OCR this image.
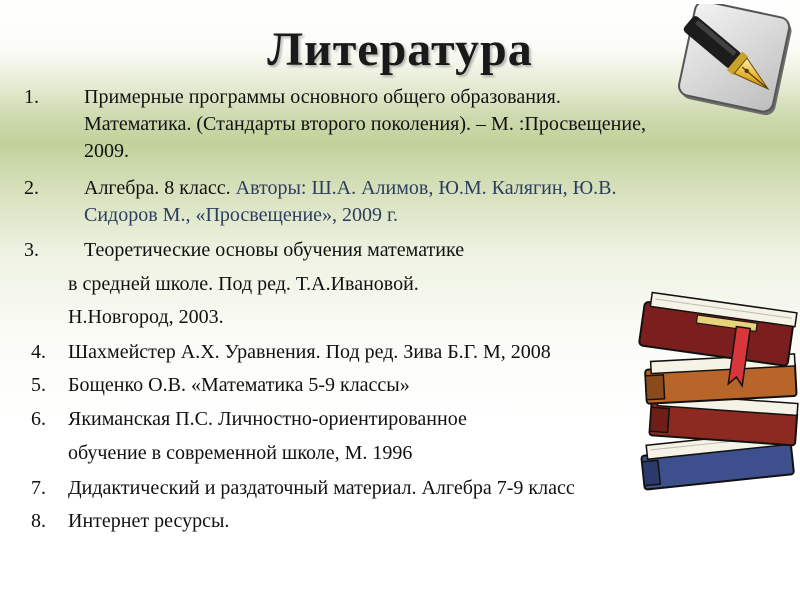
Литература
1. Примерные программы основного общего образования.
Математика. (Стандарты второго поколения). – М. :Просвещение,
2009.
2. Алгебра. 8 класс. Авторы: Ш.А. Алимов, Ю.М. Калягин, Ю.В.
Сидоров М., «Просвещение», 2009 г.
3. Теоретические основы обучения математике
в средней школе. Под ред. Т.А.Ивановой.
Н.Новгород, 2003.
4. Шахмейстер А.Х. Уравнения. Под ред. Зива Б.Г. М, 2008
5. Бощенко О.В. «Математика 5-9 классы»
6. Якиманская П.С. Личностно-ориентированное
обучение в современной школе, М. 1996
7. Дидактический и раздаточный материал. Алгебра 7-9 класс
8. Интернет ресурсы.
